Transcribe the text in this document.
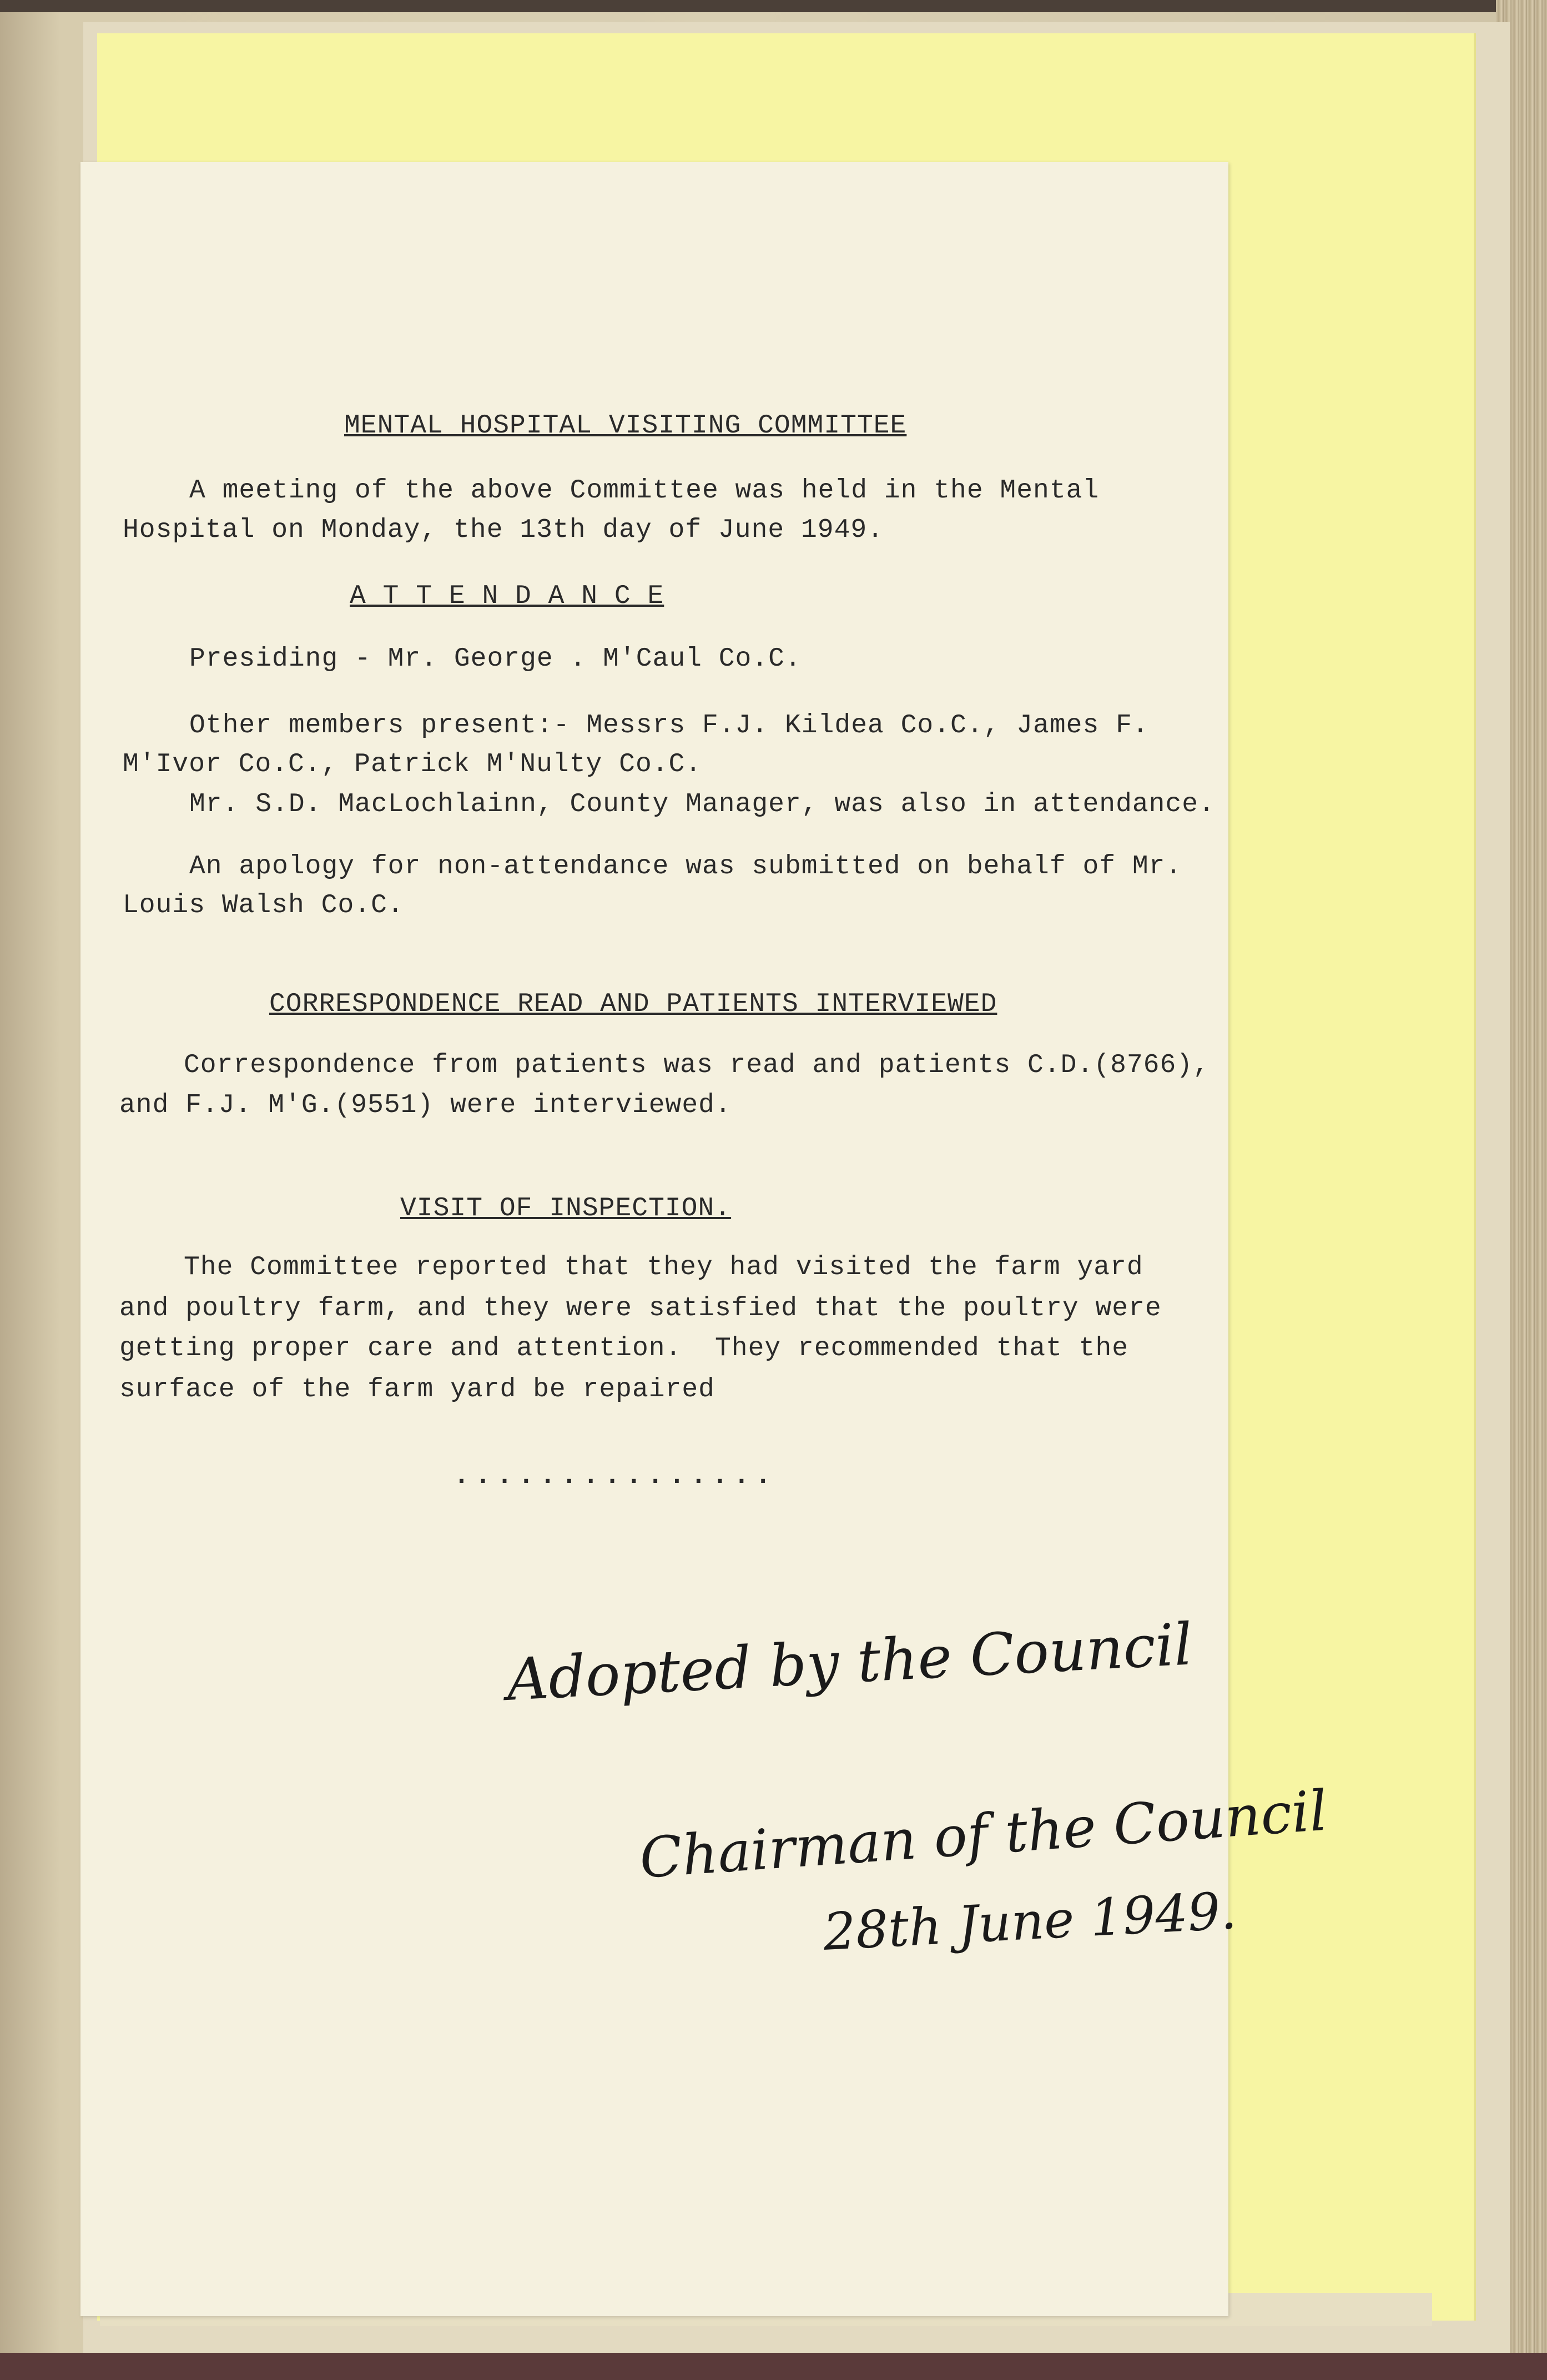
MENTAL HOSPITAL VISITING COMMITTEE
A meeting of the above Committee was held in the Mental
Hospital on Monday, the 13th day of June 1949.
A T T E N D A N C E
Presiding - Mr. George . M'Caul Co.C.
Other members present:- Messrs F.J. Kildea Co.C., James F.
M'Ivor Co.C., Patrick M'Nulty Co.C.
Mr. S.D. MacLochlainn, County Manager, was also in attendance.
An apology for non-attendance was submitted on behalf of Mr.
Louis Walsh Co.C.
CORRESPONDENCE READ AND PATIENTS INTERVIEWED
Correspondence from patients was read and patients C.D.(8766),
and F.J. M'G.(9551) were interviewed.
VISIT OF INSPECTION.
The Committee reported that they had visited the farm yard
and poultry farm, and they were satisfied that the poultry were
getting proper care and attention.  They recommended that the
surface of the farm yard be repaired
...............
Adopted by the Council
Chairman of the Council
28th June 1949.
